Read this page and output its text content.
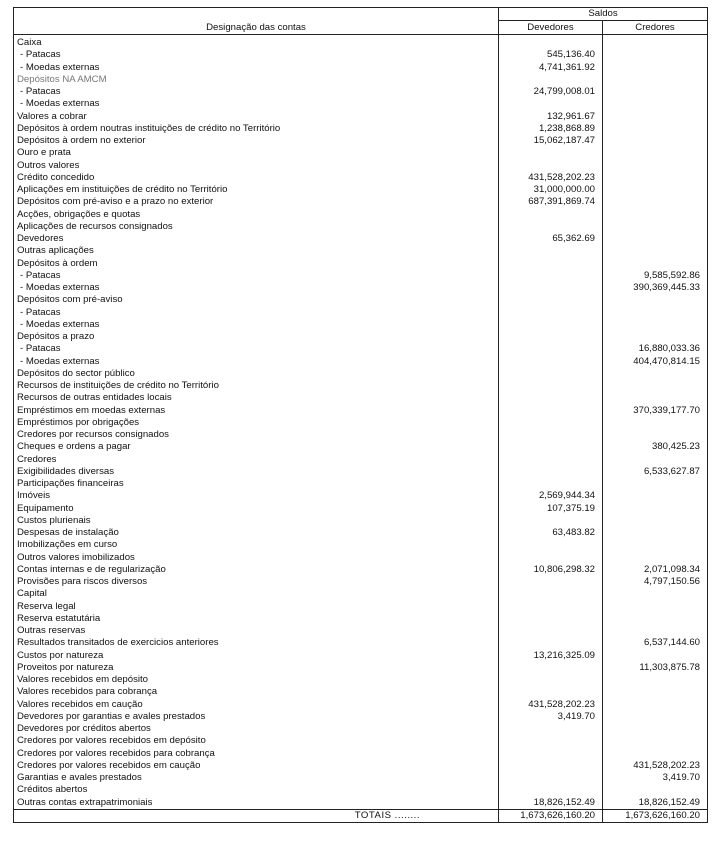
Designação das contas	Saldos	
	Devedores	Credores
Caixa		
- Patacas	545,136.40	
- Moedas externas	4,741,361.92	
Depósitos NA AMCM		
- Patacas	24,799,008.01	
- Moedas externas		
Valores a cobrar	132,961.67	
Depósitos à ordem noutras instituições de crédito no Território	1,238,868.89	
Depósitos à ordem no exterior	15,062,187.47	
Ouro e prata		
Outros valores		
Crédito concedido	431,528,202.23	
Aplicações em instituições de crédito no Território	31,000,000.00	
Depósitos com pré-aviso e a prazo no exterior	687,391,869.74	
Acções, obrigações e quotas		
Aplicações de recursos consignados		
Devedores	65,362.69	
Outras aplicações		
Depósitos à ordem		
- Patacas		9,585,592.86
- Moedas externas		390,369,445.33
Depósitos com pré-aviso		
- Patacas		
- Moedas externas		
Depósitos a prazo		
- Patacas		16,880,033.36
- Moedas externas		404,470,814.15
Depósitos do sector público		
Recursos de instituições de crédito no Território		
Recursos de outras entidades locais		
Empréstimos em moedas externas		370,339,177.70
Empréstimos por obrigações		
Credores por recursos consignados		
Cheques e ordens a pagar		380,425.23
Credores		
Exigibilidades diversas		6,533,627.87
Participações financeiras		
Imóveis	2,569,944.34	
Equipamento	107,375.19	
Custos plurienais		
Despesas de instalação	63,483.82	
Imobilizações em curso		
Outros valores imobilizados		
Contas internas e de regularização	10,806,298.32	2,071,098.34
Provisões para riscos diversos		4,797,150.56
Capital		
Reserva legal		
Reserva estatutária		
Outras reservas		
Resultados transitados de exercicios anteriores		6,537,144.60
Custos por natureza	13,216,325.09	
Proveitos por natureza		11,303,875.78
Valores recebidos em depósito		
Valores recebidos para cobrança		
Valores recebidos em caução	431,528,202.23	
Devedores por garantias e avales prestados	3,419.70	
Devedores por créditos abertos		
Credores por valores recebidos em depósito		
Credores por valores recebidos para cobrança		
Credores por valores recebidos em caução		431,528,202.23
Garantias e avales prestados		3,419.70
Créditos abertos		
Outras contas extrapatrimoniais	18,826,152.49	18,826,152.49
TOTAIS ........	1,673,626,160.20	1,673,626,160.20
